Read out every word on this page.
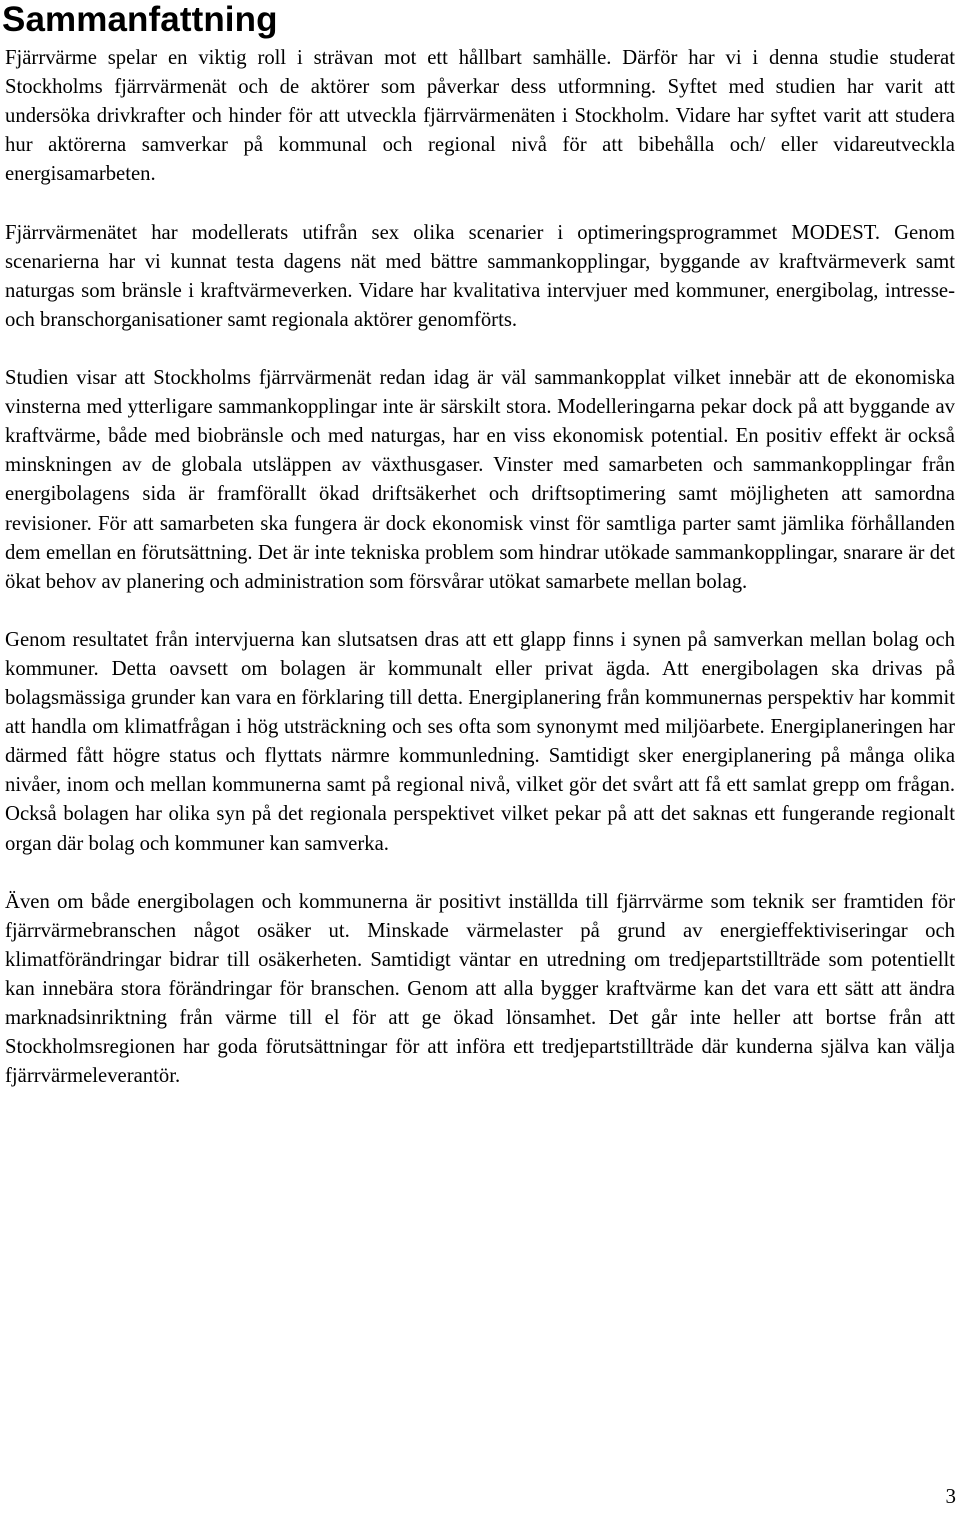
Sammanfattning

Fjärrvärme spelar en viktig roll i strävan mot ett hållbart samhälle. Därför har vi i denna studie studerat Stockholms fjärrvärmenät och de aktörer som påverkar dess utformning. Syftet med studien har varit att undersöka drivkrafter och hinder för att utveckla fjärrvärmenäten i Stockholm. Vidare har syftet varit att studera hur aktörerna samverkar på kommunal och regional nivå för att bibehålla och/ eller vidareutveckla energisamarbeten.

Fjärrvärmenätet har modellerats utifrån sex olika scenarier i optimeringsprogrammet MODEST. Genom scenarierna har vi kunnat testa dagens nät med bättre sammankopplingar, byggande av kraftvärmeverk samt naturgas som bränsle i kraftvärmeverken. Vidare har kvalitativa intervjuer med kommuner, energibolag, intresse- och branschorganisationer samt regionala aktörer genomförts.

Studien visar att Stockholms fjärrvärmenät redan idag är väl sammankopplat vilket innebär att de ekonomiska vinsterna med ytterligare sammankopplingar inte är särskilt stora. Modelleringarna pekar dock på att byggande av kraftvärme, både med biobränsle och med naturgas, har en viss ekonomisk potential. En positiv effekt är också minskningen av de globala utsläppen av växthusgaser. Vinster med samarbeten och sammankopplingar från energibolagens sida är framförallt ökad driftsäkerhet och driftsoptimering samt möjligheten att samordna revisioner. För att samarbeten ska fungera är dock ekonomisk vinst för samtliga parter samt jämlika förhållanden dem emellan en förutsättning. Det är inte tekniska problem som hindrar utökade sammankopplingar, snarare är det ökat behov av planering och administration som försvårar utökat samarbete mellan bolag.

Genom resultatet från intervjuerna kan slutsatsen dras att ett glapp finns i synen på samverkan mellan bolag och kommuner. Detta oavsett om bolagen är kommunalt eller privat ägda. Att energibolagen ska drivas på bolagsmässiga grunder kan vara en förklaring till detta. Energiplanering från kommunernas perspektiv har kommit att handla om klimatfrågan i hög utsträckning och ses ofta som synonymt med miljöarbete. Energiplaneringen har därmed fått högre status och flyttats närmre kommunledning. Samtidigt sker energiplanering på många olika nivåer, inom och mellan kommunerna samt på regional nivå, vilket gör det svårt att få ett samlat grepp om frågan. Också bolagen har olika syn på det regionala perspektivet vilket pekar på att det saknas ett fungerande regionalt organ där bolag och kommuner kan samverka.

Även om både energibolagen och kommunerna är positivt inställda till fjärrvärme som teknik ser framtiden för fjärrvärmebranschen något osäker ut. Minskade värmelaster på grund av energieffektiviseringar och klimatförändringar bidrar till osäkerheten. Samtidigt väntar en utredning om tredjepartstillträde som potentiellt kan innebära stora förändringar för branschen. Genom att alla bygger kraftvärme kan det vara ett sätt att ändra marknadsinriktning från värme till el för att ge ökad lönsamhet. Det går inte heller att bortse från att Stockholmsregionen har goda förutsättningar för att införa ett tredjepartstillträde där kunderna själva kan välja fjärrvärmeleverantör.

3
